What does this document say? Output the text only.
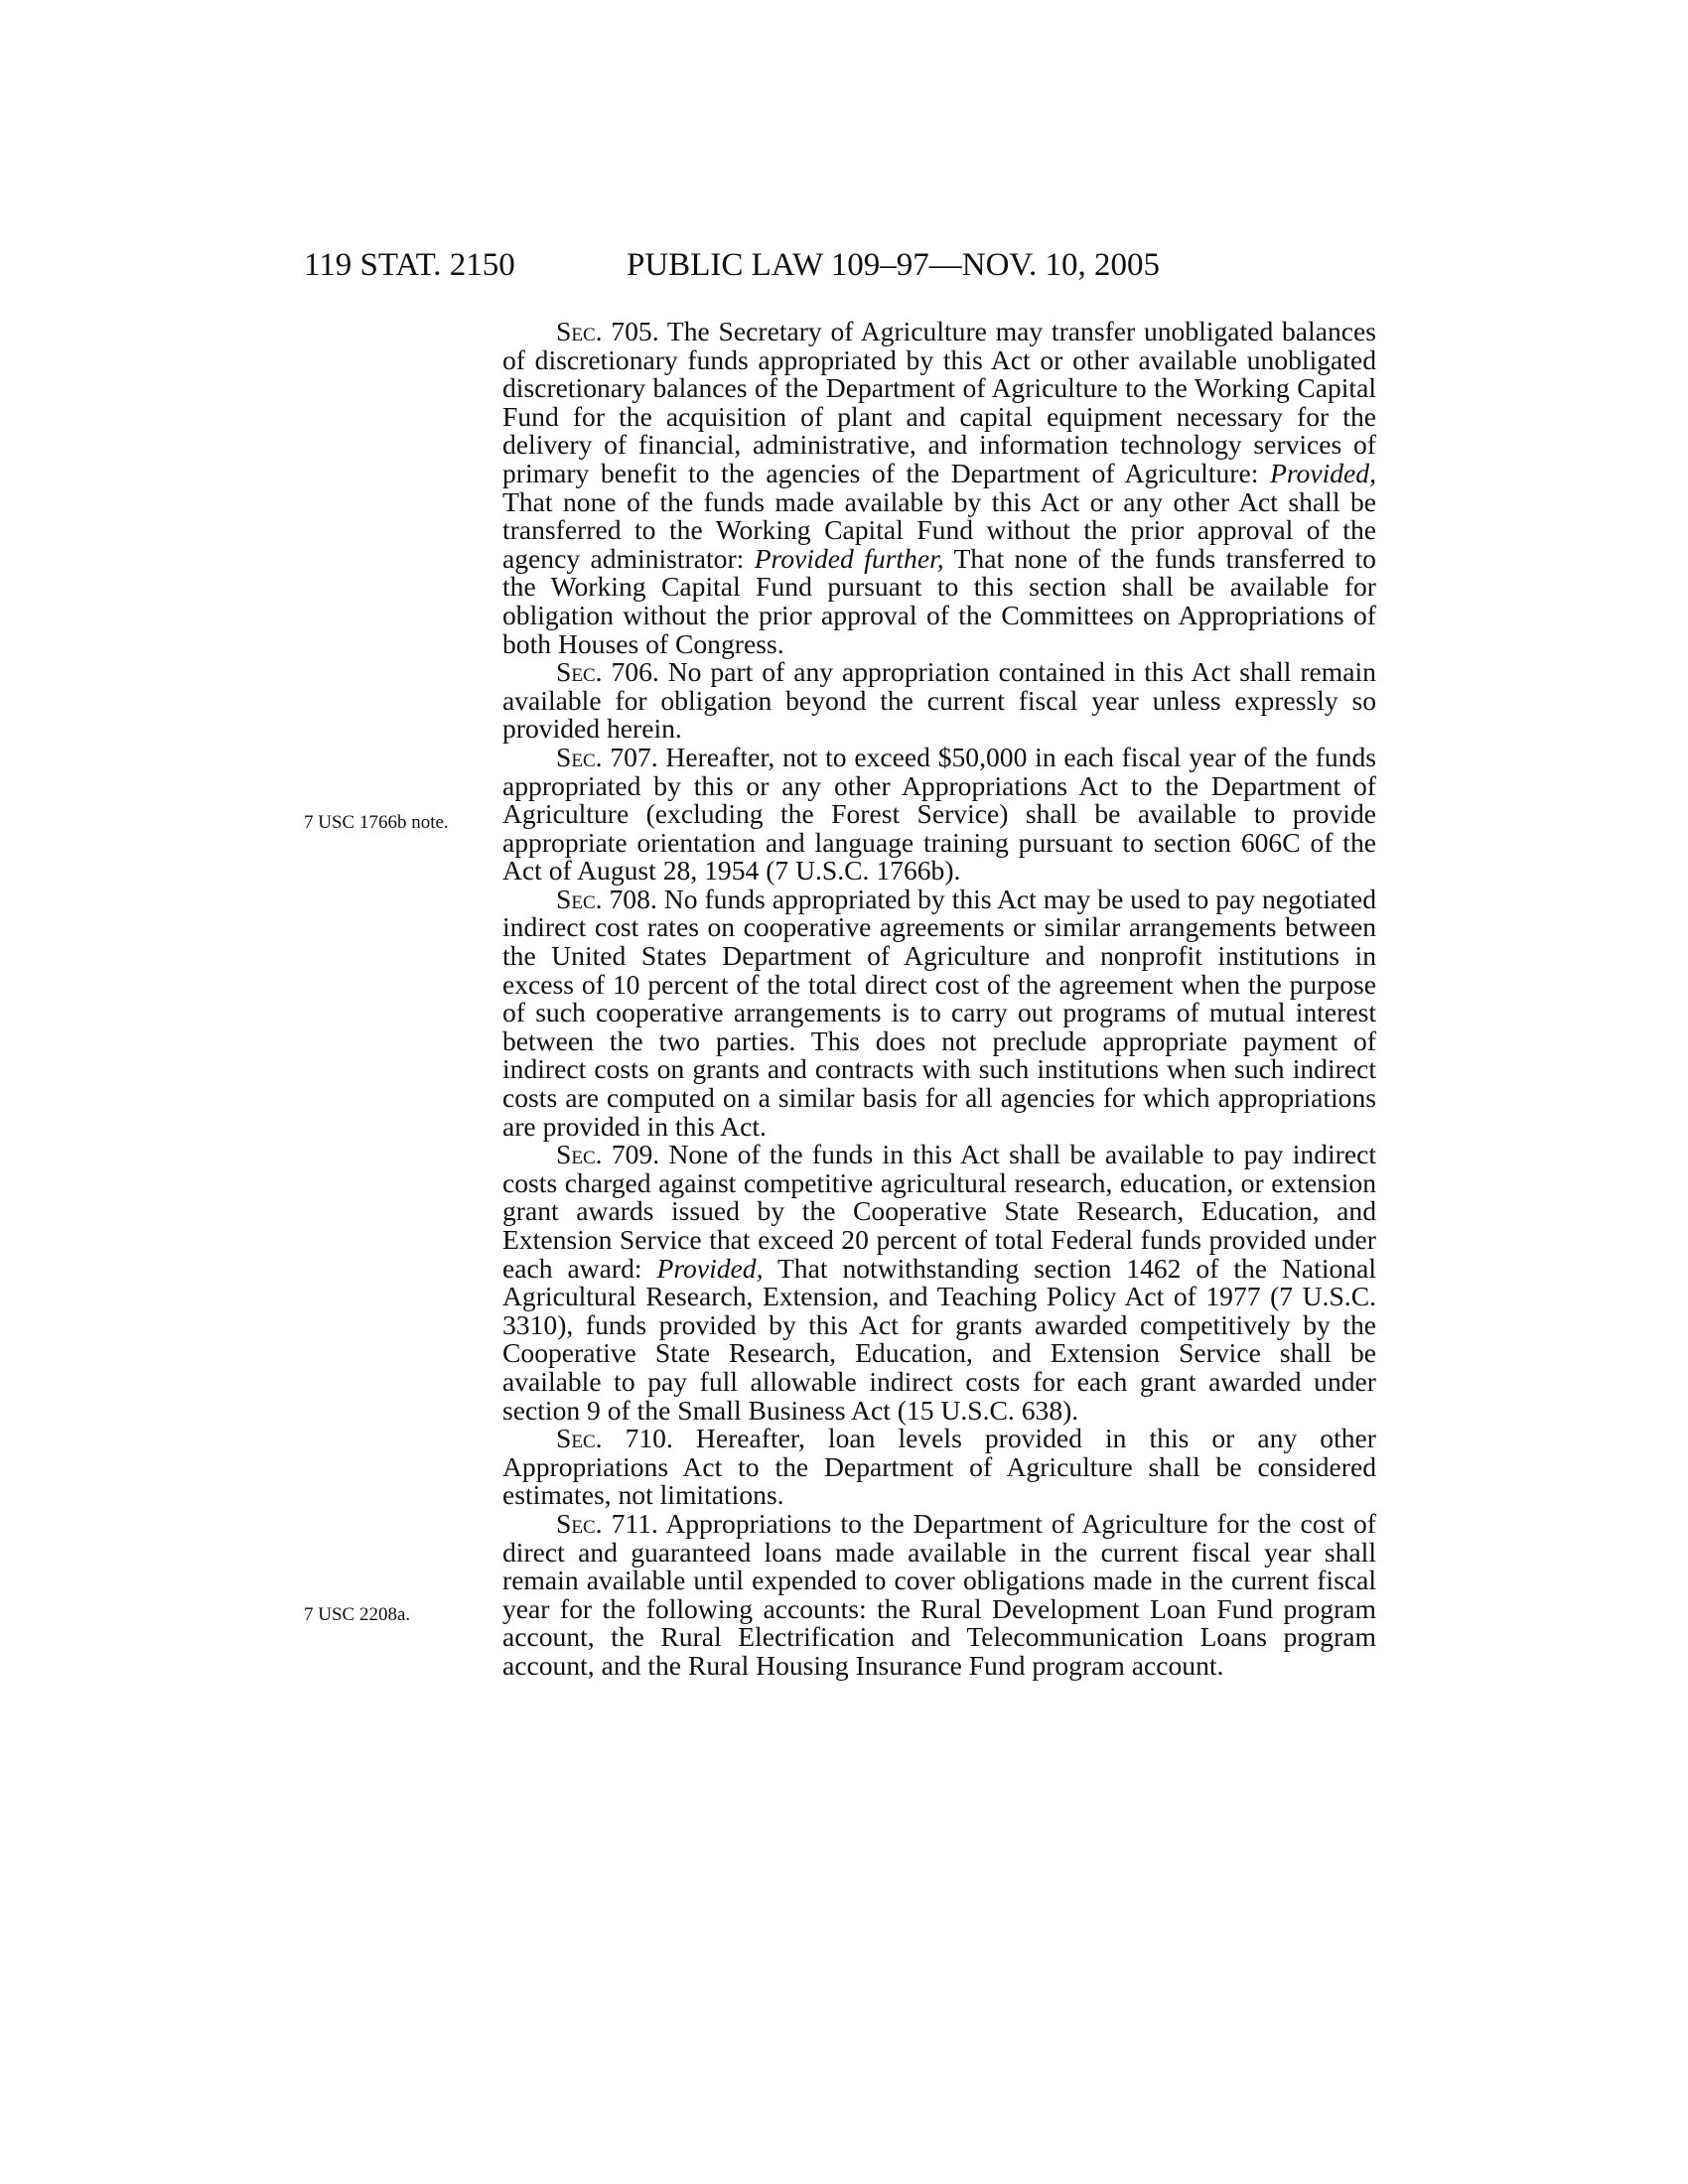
119 STAT. 2150	PUBLIC LAW 109–97—NOV. 10, 2005
7 USC 1766b note.
7 USC 2208a.

Sec. 705. The Secretary of Agriculture may transfer unobligated balances of discretionary funds appropriated by this Act or other available unobligated discretionary balances of the Department of Agriculture to the Working Capital Fund for the acquisition of plant and capital equipment necessary for the delivery of financial, administrative, and information technology services of primary benefit to the agencies of the Department of Agriculture: Provided, That none of the funds made available by this Act or any other Act shall be transferred to the Working Capital Fund without the prior approval of the agency administrator: Provided further, That none of the funds transferred to the Working Capital Fund pursuant to this section shall be available for obligation without the prior approval of the Committees on Appropriations of both Houses of Congress.

Sec. 706. No part of any appropriation contained in this Act shall remain available for obligation beyond the current fiscal year unless expressly so provided herein.

Sec. 707. Hereafter, not to exceed $50,000 in each fiscal year of the funds appropriated by this or any other Appropriations Act to the Department of Agriculture (excluding the Forest Service) shall be available to provide appropriate orientation and language training pursuant to section 606C of the Act of August 28, 1954 (7 U.S.C. 1766b).

Sec. 708. No funds appropriated by this Act may be used to pay negotiated indirect cost rates on cooperative agreements or similar arrangements between the United States Department of Agriculture and nonprofit institutions in excess of 10 percent of the total direct cost of the agreement when the purpose of such cooperative arrangements is to carry out programs of mutual interest between the two parties. This does not preclude appropriate payment of indirect costs on grants and contracts with such institutions when such indirect costs are computed on a similar basis for all agencies for which appropriations are provided in this Act.

Sec. 709. None of the funds in this Act shall be available to pay indirect costs charged against competitive agricultural research, education, or extension grant awards issued by the Cooperative State Research, Education, and Extension Service that exceed 20 percent of total Federal funds provided under each award: Provided, That notwithstanding section 1462 of the National Agricultural Research, Extension, and Teaching Policy Act of 1977 (7 U.S.C. 3310), funds provided by this Act for grants awarded competitively by the Cooperative State Research, Education, and Extension Service shall be available to pay full allowable indirect costs for each grant awarded under section 9 of the Small Business Act (15 U.S.C. 638).

Sec. 710. Hereafter, loan levels provided in this or any other Appropriations Act to the Department of Agriculture shall be considered estimates, not limitations.

Sec. 711. Appropriations to the Department of Agriculture for the cost of direct and guaranteed loans made available in the current fiscal year shall remain available until expended to cover obligations made in the current fiscal year for the following accounts: the Rural Development Loan Fund program account, the Rural Electrification and Telecommunication Loans program account, and the Rural Housing Insurance Fund program account.
